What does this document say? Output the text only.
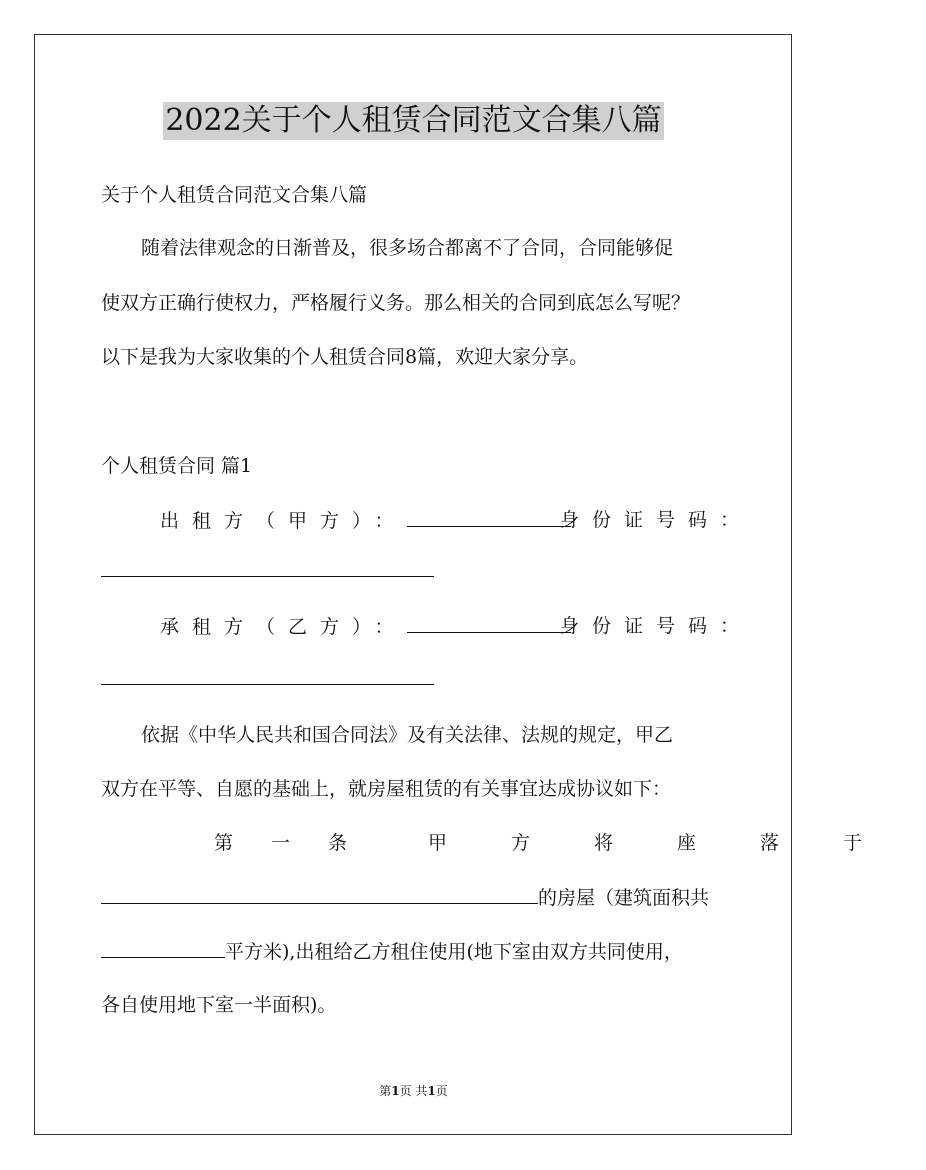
2022关于个人租赁合同范文合集八篇
关于个人租赁合同范文合集八篇
随着法律观念的日渐普及，很多场合都离不了合同，合同能够促
使双方正确行使权力，严格履行义务。那么相关的合同到底怎么写呢？
以下是我为大家收集的个人租赁合同8篇，欢迎大家分享。
个人租赁合同 篇1
出租方（甲方）：	身份证号码：
承租方（乙方）：	身份证号码：
依据《中华人民共和国合同法》及有关法律、法规的规定，甲乙
双方在平等、自愿的基础上，就房屋租赁的有关事宜达成协议如下：
第一条 甲方将座落于
的房屋（建筑面积共
平方米),出租给乙方租住使用(地下室由双方共同使用，
各自使用地下室一半面积)。
第1页 共1页
